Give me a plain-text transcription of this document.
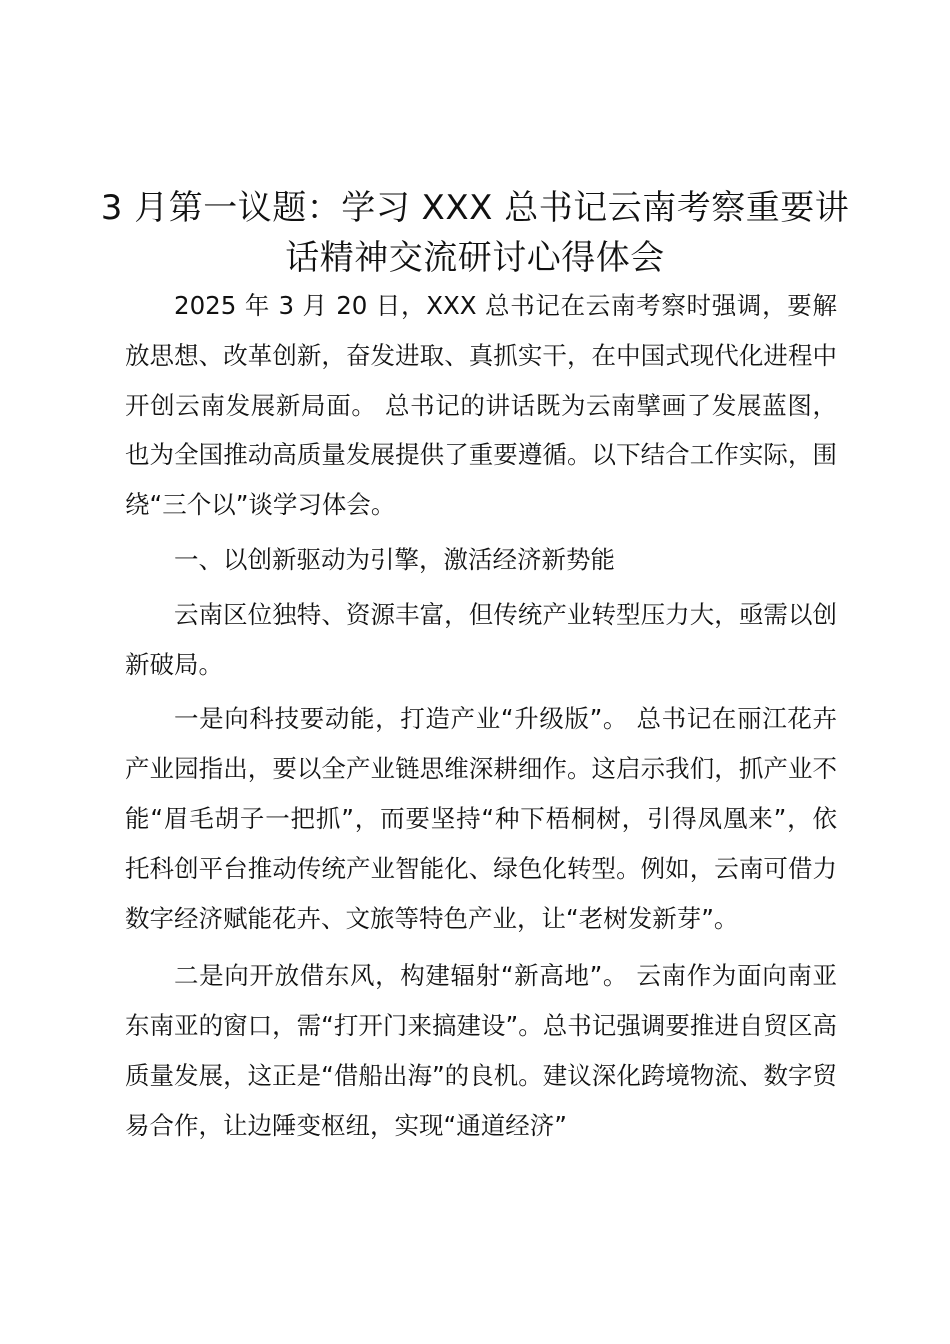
3 月第一议题：学习 XXX 总书记云南考察重要讲话精神交流研讨心得体会

2025 年 3 月 20 日，XXX 总书记在云南考察时强调，要解放思想、改革创新，奋发进取、真抓实干，在中国式现代化进程中开创云南发展新局面。 总书记的讲话既为云南擘画了发展蓝图，也为全国推动高质量发展提供了重要遵循。以下结合工作实际，围绕“三个以”谈学习体会。

一、以创新驱动为引擎，激活经济新势能

云南区位独特、资源丰富，但传统产业转型压力大，亟需以创新破局。

一是向科技要动能，打造产业“升级版”。 总书记在丽江花卉产业园指出，要以全产业链思维深耕细作。这启示我们，抓产业不能“眉毛胡子一把抓”，而要坚持“种下梧桐树，引得凤凰来”，依托科创平台推动传统产业智能化、绿色化转型。例如，云南可借力数字经济赋能花卉、文旅等特色产业，让“老树发新芽”。

二是向开放借东风，构建辐射“新高地”。 云南作为面向南亚东南亚的窗口，需“打开门来搞建设”。总书记强调要推进自贸区高质量发展，这正是“借船出海”的良机。建议深化跨境物流、数字贸易合作，让边陲变枢纽，实现“通道经济”
